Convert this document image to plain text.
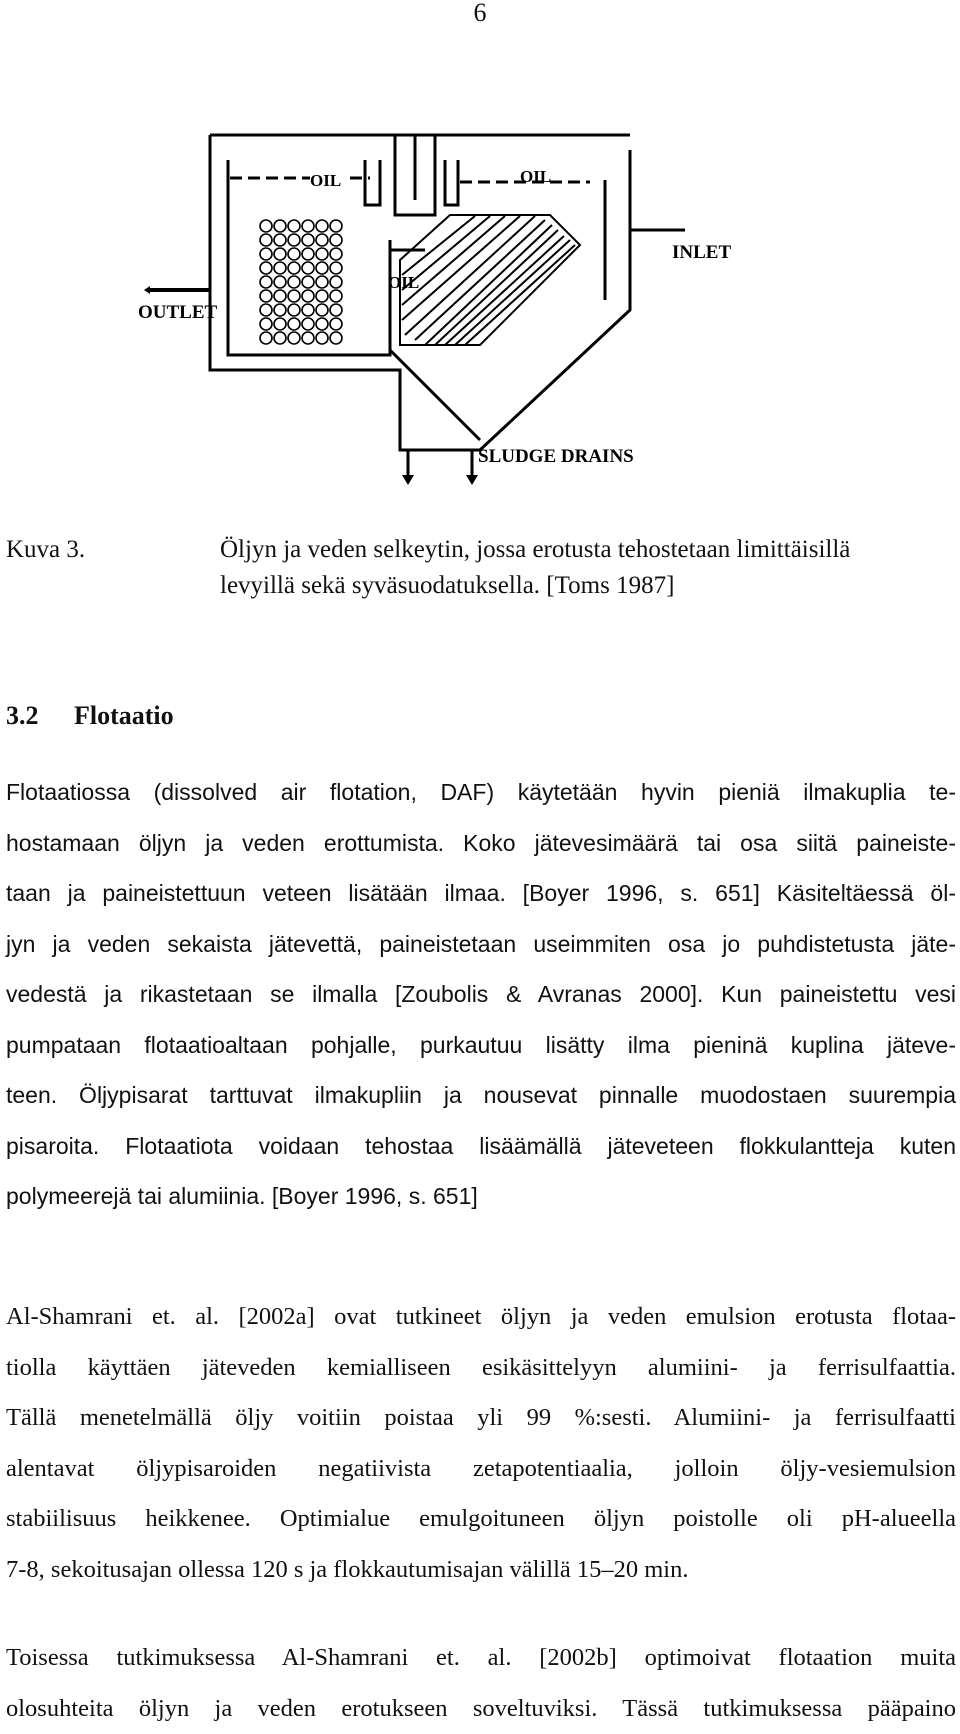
6
OIL	OIL
OIL
INLET
OUTLET
SLUDGE DRAINS
Kuva 3.	Öljyn ja veden selkeytin, jossa erotusta tehostetaan limittäisillä
levyillä sekä syväsuodatuksella. [Toms 1987]
3.2 Flotaatio
Flotaatiossa (dissolved air flotation, DAF) käytetään hyvin pieniä ilmakuplia te-
hostamaan öljyn ja veden erottumista. Koko jätevesimäärä tai osa siitä paineiste-
taan ja paineistettuun veteen lisätään ilmaa. [Boyer 1996, s. 651] Käsiteltäessä öl-
jyn ja veden sekaista jätevettä, paineistetaan useimmiten osa jo puhdistetusta jäte-
vedestä ja rikastetaan se ilmalla [Zoubolis & Avranas 2000]. Kun paineistettu vesi
pumpataan flotaatioaltaan pohjalle, purkautuu lisätty ilma pieninä kuplina jäteve-
teen. Öljypisarat tarttuvat ilmakupliin ja nousevat pinnalle muodostaen suurempia
pisaroita. Flotaatiota voidaan tehostaa lisäämällä jäteveteen flokkulantteja kuten
polymeerejä tai alumiinia. [Boyer 1996, s. 651]
Al-Shamrani et. al. [2002a] ovat tutkineet öljyn ja veden emulsion erotusta flotaa-
tiolla käyttäen jäteveden kemialliseen esikäsittelyyn alumiini- ja ferrisulfaattia.
Tällä menetelmällä öljy voitiin poistaa yli 99 %:sesti. Alumiini- ja ferrisulfaatti
alentavat öljypisaroiden negatiivista zetapotentiaalia, jolloin öljy-vesiemulsion
stabiilisuus heikkenee. Optimialue emulgoituneen öljyn poistolle oli pH-alueella
7-8, sekoitusajan ollessa 120 s ja flokkautumisajan välillä 15–20 min.
Toisessa tutkimuksessa Al-Shamrani et. al. [2002b] optimoivat flotaation muita
olosuhteita öljyn ja veden erotukseen soveltuviksi. Tässä tutkimuksessa pääpaino
